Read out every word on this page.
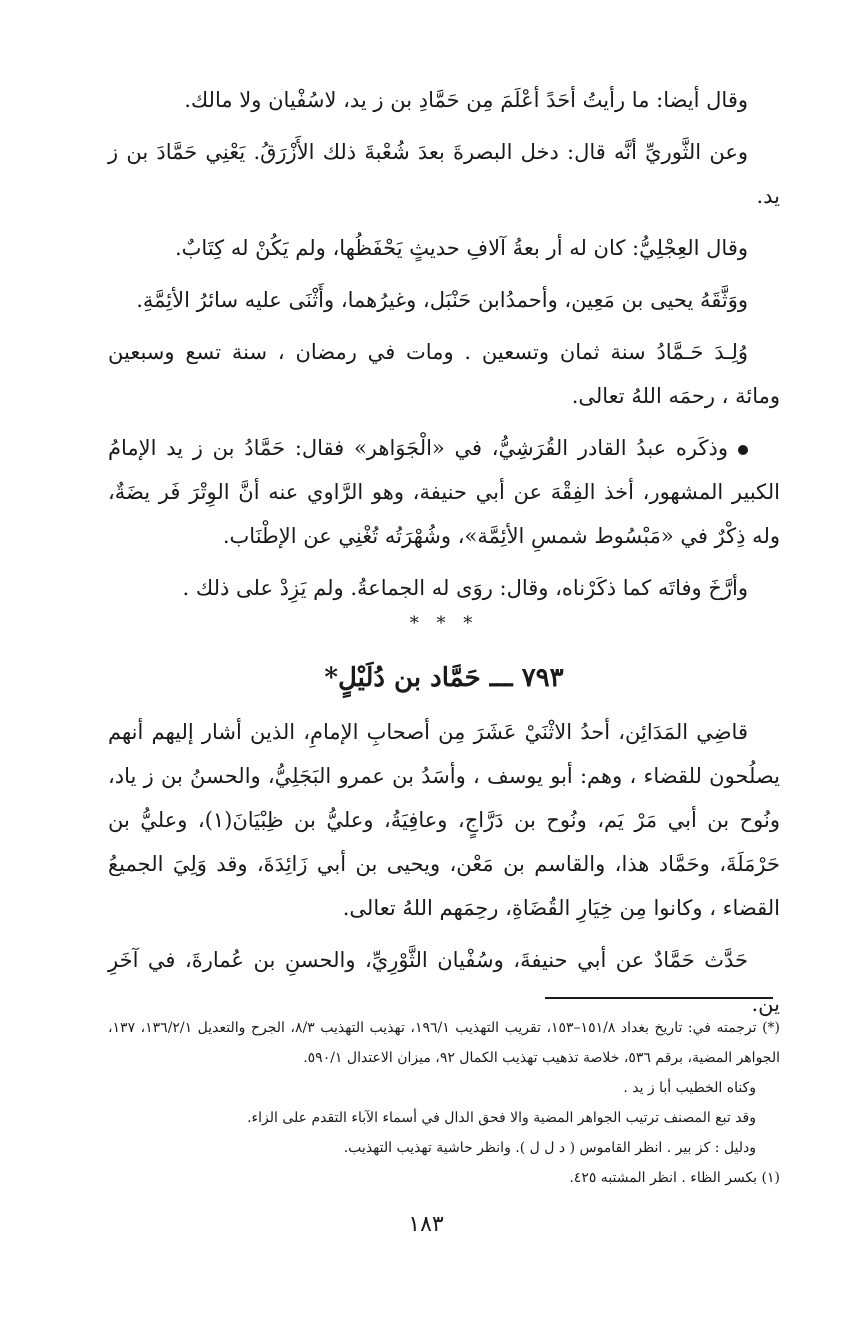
وقال أيضا: ما رأيتُ أحَدً أعْلَمَ مِن حَمَّادِ بن ز يد، لاسُفْيان ولا مالك.

وعن الثَّوريِّ أنَّه قال: دخل البصرةَ بعدَ شُعْبةَ ذلك الأَزْرَقُ. يَعْنِي حَمَّادَ بن ز يد.

وقال العِجْلِيُّ: كان له أر بعةُ آلافِ حديثٍ يَحْفَظُها، ولم يَكُنْ له كِتَابٌ.

ووَثَّقَهُ يحيى بن مَعِين، وأحمدُابن حَنْبَل، وغيرُهما، وأَثْنَى عليه سائرُ الأئِمَّةِ.

وُلِـدَ حَـمَّادُ سنة ثمان وتسعين . ومات في رمضان ، سنة تسع وسبعين ومائة ، رحمَه اللهُ تعالى.

وذكَره عبدُ القادر القُرَشِيُّ، في «الْجَوَاهر» فقال: حَمَّادُ بن ز يد الإمامُ الكبير المشهور، أخذ الفِقْهَ عن أبي حنيفة، وهو الرَّاوي عنه أنَّ الوِتْرَ فَر يضَةٌ، وله ذِكْرٌ في «مَبْسُوط شمسِ الأئِمَّة»، وشُهْرَتُه تُغْنِي عن الإطْنَاب.

وأرَّخَ وفاتَه كما ذكَرْناه، وقال: روَى له الجماعةُ. ولم يَزِدْ على ذلك .

* * *
٧٩٣ ـــ حَمَّاد بن دُلَيْلٍ*

قاضِي المَدَائِن، أحدُ الاثْنَيْ عَشَرَ مِن أصحابِ الإمامِ، الذين أشار إليهم أنهم يصلُحون للقضاء ، وهم: أبو يوسف ، وأسَدُ بن عمرو البَجَلِيُّ، والحسنُ بن ز ياد، ونُوح بن أبي مَرْ يَم، ونُوح بن دَرَّاجٍ، وعافِيَةُ، وعليُّ بن ظِبْيَانَ(١)، وعليُّ بن حَرْمَلَةَ، وحَمَّاد هذا، والقاسم بن مَعْن، ويحيى بن أبي زَائِدَةَ، وقد وَلِيَ الجميعُ القضاء ، وكانوا مِن خِيَارِ القُضَاةِ، رحِمَهم اللهُ تعالى.

حَدَّث حَمَّادٌ عن أبي حنيفةَ، وسُفْيان الثَّوْرِيِّ، والحسنِ بن عُمارةَ، في آخَرِ ين.

(*) ترجمته في: تاريخ بغداد ١٥١/٨–١٥٣، تقريب التهذيب ١٩٦/١، تهذيب التهذيب ٨/٣، الجرح والتعديل ١٣٦/٢/١، ١٣٧، الجواهر المضية، برقم ٥٣٦، خلاصة تذهيب تهذيب الكمال ٩٢، ميزان الاعتدال ٥٩٠/١.

وكناه الخطيب أبا ز يد .

وقد تبع المصنف ترتيب الجواهر المضية والا فحق الدال في أسماء الآباء التقدم على الزاء.

ودليل : كز بير . انظر القاموس ( د ل ل ). وانظر حاشية تهذيب التهذيب.

(١) بكسر الظاء . انظر المشتبه ٤٢٥.

١٨٣
